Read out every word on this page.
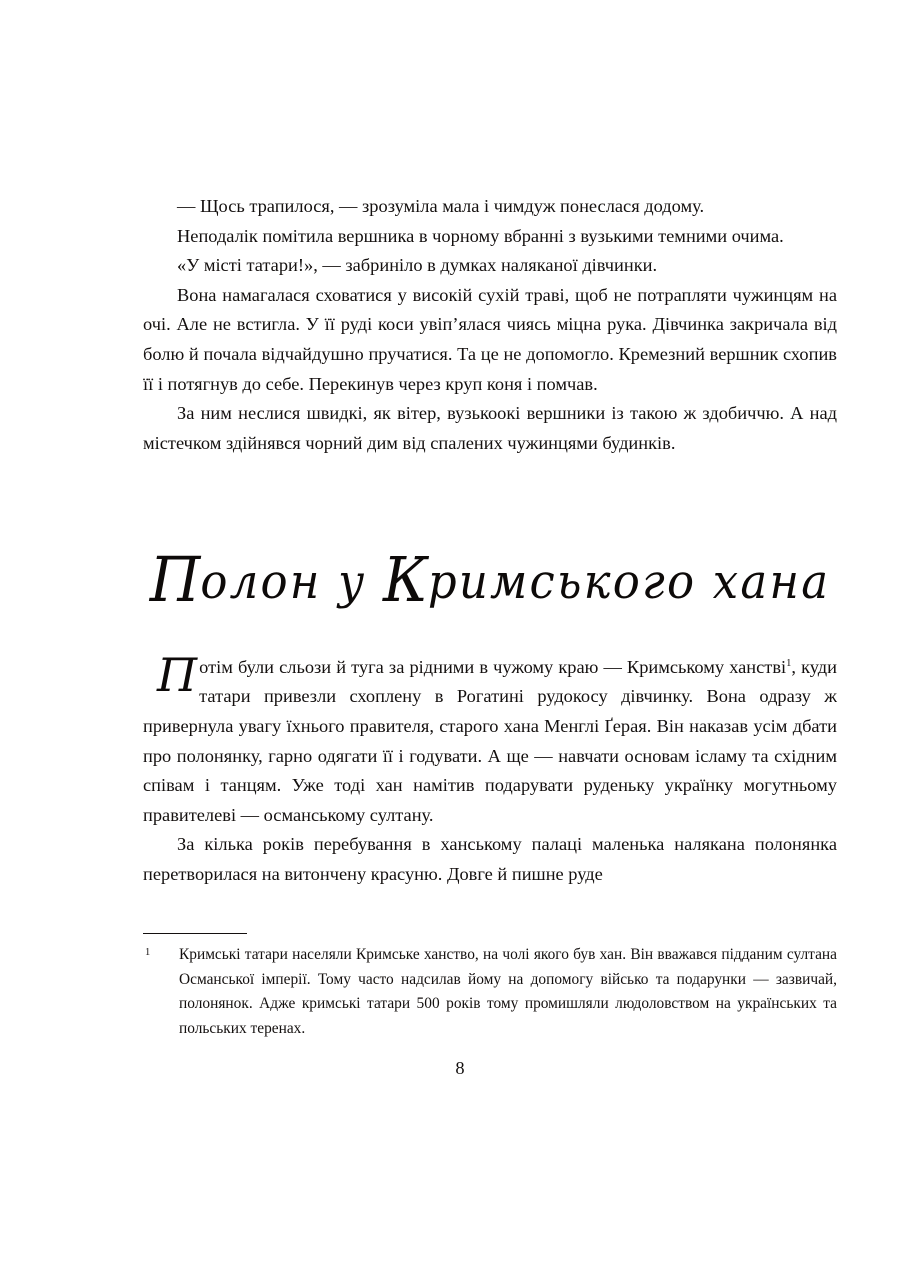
— Щось трапилося, — зрозуміла мала і чимдуж понеслася додому.

Неподалік помітила вершника в чорному вбранні з вузькими темними очима.

«У місті татари!», — забриніло в думках наляканої дівчинки.

Вона намагалася сховатися у високій сухій траві, щоб не потрапляти чужинцям на очі. Але не встигла. У її руді коси увіп’ялася чиясь міцна рука. Дівчинка закричала від болю й почала відчайдушно пручатися. Та це не допомогло. Кремезний вершник схопив її і потягнув до себе. Перекинув через круп коня і помчав.

За ним неслися швидкі, як вітер, вузькоокі вершники із такою ж здобиччю. А над містечком здійнявся чорний дим від спалених чужинцями будинків.

Полон у Кримського хана

Потім були сльози й туга за рідними в чужому краю — Кримському ханстві$^1$, куди татари привезли схоплену в Рогатині рудокосу дівчинку. Вона одразу ж привернула увагу їхнього правителя, старого хана Менглі Ґерая. Він наказав усім дбати про полонянку, гарно одягати її і годувати. А ще — навчати основам ісламу та східним співам і танцям. Уже тоді хан намітив подарувати руденьку українку могутньому правителеві — османському султану.

За кілька років перебування в ханському палаці маленька налякана полонянка перетворилася на витончену красуню. Довге й пишне руде

1 Кримські татари населяли Кримське ханство, на чолі якого був хан. Він вважався підданим султана Османської імперії. Тому часто надсилав йому на допомогу військо та подарунки — зазвичай, полонянок. Адже кримські татари 500 років тому промишляли людоловством на українських та польських теренах.
8
